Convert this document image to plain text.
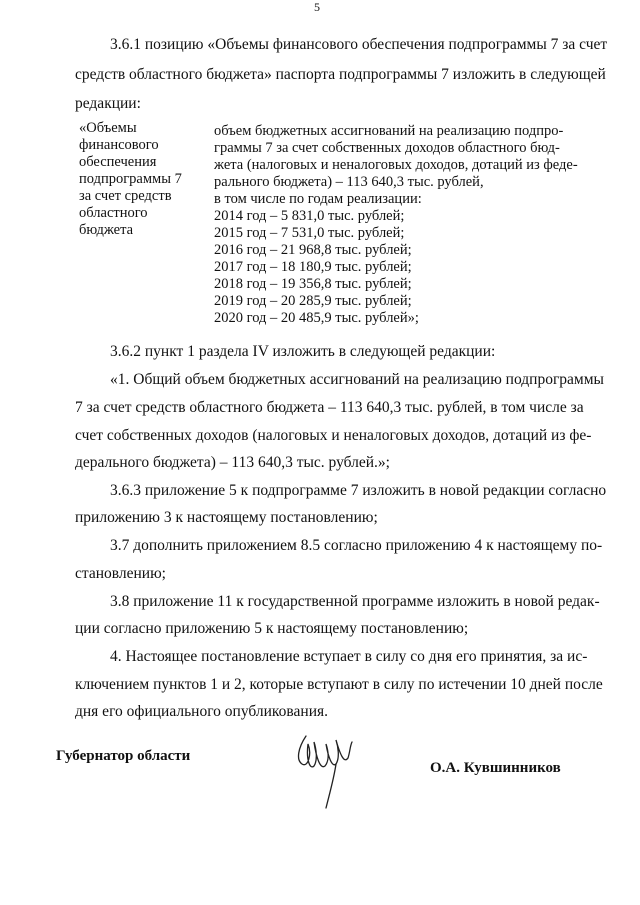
5
3.6.1 позицию «Объемы финансового обеспечения подпрограммы 7 за счет
средств областного бюджета» паспорта подпрограммы 7 изложить в следующей
редакции:
«Объемы
финансового
обеспечения
подпрограммы 7
за счет средств
областного
бюджета
объем бюджетных ассигнований на реализацию подпро-
граммы 7 за счет собственных доходов областного бюд-
жета (налоговых и неналоговых доходов, дотаций из феде-
рального бюджета) – 113 640,3 тыс. рублей,
в том числе по годам реализации:
2014 год – 5 831,0 тыс. рублей;
2015 год – 7 531,0 тыс. рублей;
2016 год – 21 968,8 тыс. рублей;
2017 год – 18 180,9 тыс. рублей;
2018 год – 19 356,8 тыс. рублей;
2019 год – 20 285,9 тыс. рублей;
2020 год – 20 485,9 тыс. рублей»;
3.6.2 пункт 1 раздела IV изложить в следующей редакции:
«1. Общий объем бюджетных ассигнований на реализацию подпрограммы
7 за счет средств областного бюджета – 113 640,3 тыс. рублей, в том числе за
счет собственных доходов (налоговых и неналоговых доходов, дотаций из фе-
дерального бюджета) – 113 640,3 тыс. рублей.»;
3.6.3 приложение 5 к подпрограмме 7 изложить в новой редакции согласно
приложению 3 к настоящему постановлению;
3.7 дополнить приложением 8.5 согласно приложению 4 к настоящему по-
становлению;
3.8 приложение 11 к государственной программе изложить в новой редак-
ции согласно приложению 5 к настоящему постановлению;
4. Настоящее постановление вступает в силу со дня его принятия, за ис-
ключением пунктов 1 и 2, которые вступают в силу по истечении 10 дней после
дня его официального опубликования.
Губернатор области
О.А. Кувшинников
